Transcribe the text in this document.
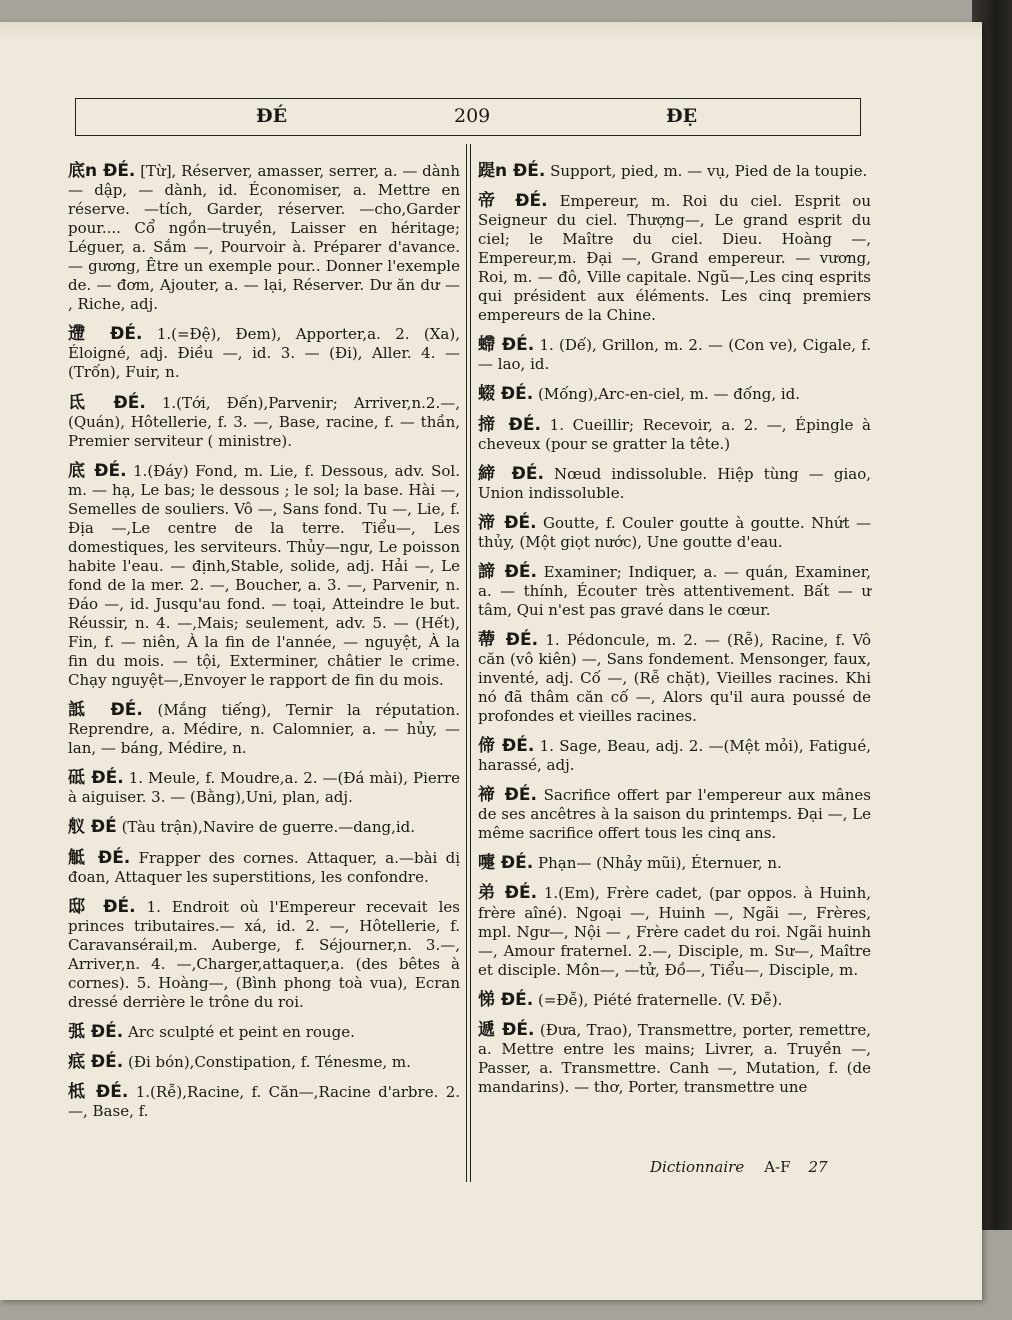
ĐÉ	209	ĐẸ

底n ĐÉ. [Từ], Réserver, amasser, serrer, a. — dành — dập, — dành, id. Économiser, a. Mettre en réserve. —tích, Garder, réserver. —cho,Garder pour.... Cổ ngồn—truyền, Laisser en héritage; Léguer, a. Sắm —, Pourvoir à. Préparer d'avance. — gương, Être un exemple pour.. Donner l'exemple de. — đơm, Ajouter, a. — lại, Réserver. Dư ăn dư — , Riche, adj.

遰 ĐÉ. 1.(=Đệ), Đem), Apporter,a. 2. (Xa), Éloigné, adj. Điều —, id. 3. — (Đi), Aller. 4. — (Trốn), Fuir, n.

氐 ĐÉ. 1.(Tới, Đến),Parvenir; Arriver,n.2.—, (Quán), Hôtellerie, f. 3. —, Base, racine, f. — thần, Premier serviteur ( ministre).

底 ĐÉ. 1.(Đáy) Fond, m. Lie, f. Dessous, adv. Sol. m. — hạ, Le bas; le dessous ; le sol; la base. Hài —, Semelles de souliers. Vô —, Sans fond. Tu —, Lie, f. Địa —,Le centre de la terre. Tiểu—, Les domestiques, les serviteurs. Thủy—ngư, Le poisson habite l'eau. — định,Stable, solide, adj. Hải —, Le fond de la mer. 2. —, Boucher, a. 3. —, Parvenir, n. Đáo —, id. Jusqu'au fond. — toại, Atteindre le but. Réussir, n. 4. —,Mais; seulement, adv. 5. — (Hết), Fin, f. — niên, À la fin de l'année, — nguyệt, À la fin du mois. — tội, Exterminer, châtier le crime. Chạy nguyệt—,Envoyer le rapport de fin du mois.

詆 ĐÉ. (Mắng tiếng), Ternir la réputation. Reprendre, a. Médire, n. Calomnier, a. — hủy, — lan, — báng, Médire, n.

砥 ĐÉ. 1. Meule, f. Moudre,a. 2. —(Đá mài), Pierre à aiguiser. 3. — (Bằng),Uni, plan, adj.

舣 ĐÉ (Tàu trận),Navire de guerre.—dang,id.

觝 ĐÉ. Frapper des cornes. Attaquer, a.—bài dị đoan, Attaquer les superstitions, les confondre.

邸 ĐÉ. 1. Endroit où l'Empereur recevait les princes tributaires.— xá, id. 2. —, Hôtellerie, f. Caravansérail,m. Auberge, f. Séjourner,n. 3.—, Arriver,n. 4. —,Charger,attaquer,a. (des bêtes à cornes). 5. Hoàng—, (Bình phong toà vua), Ecran dressé derrière le trône du roi.

弤 ĐÉ. Arc sculpté et peint en rouge.

疷 ĐÉ. (Đi bón),Constipation, f. Ténesme, m.

柢 ĐÉ. 1.(Rễ),Racine, f. Căn—,Racine d'arbre. 2. —, Base, f.

踶n ĐÉ. Support, pied, m. — vụ, Pied de la toupie.

帝 ĐÉ. Empereur, m. Roi du ciel. Esprit ou Seigneur du ciel. Thượng—, Le grand esprit du ciel; le Maître du ciel. Dieu. Hoàng —, Empereur,m. Đại —, Grand empereur. — vương, Roi, m. — đô, Ville capitale. Ngũ—,Les cinq esprits qui président aux éléments. Les cinq premiers empereurs de la Chine.

螮 ĐÉ. 1. (Dế), Grillon, m. 2. — (Con ve), Cigale, f. — lao, id.

蝃 ĐÉ. (Mống),Arc-en-ciel, m. — đống, id.

揥 ĐÉ. 1. Cueillir; Recevoir, a. 2. —, Épingle à cheveux (pour se gratter la tête.)

締 ĐÉ. Nœud indissoluble. Hiệp tùng — giao, Union indissoluble.

渧 ĐÉ. Goutte, f. Couler goutte à goutte. Nhứt —thủy, (Một giọt nước), Une goutte d'eau.

諦 ĐÉ. Examiner; Indiquer, a. — quán, Examiner, a. — thính, Écouter très attentivement. Bất — ư tâm, Qui n'est pas gravé dans le cœur.

蔕 ĐÉ. 1. Pédoncule, m. 2. — (Rễ), Racine, f. Vô căn (vô kiên) —, Sans fondement. Mensonger, faux, inventé, adj. Cố —, (Rễ chặt), Vieilles racines. Khi nó đã thâm căn cố —, Alors qu'il aura poussé de profondes et vieilles racines.

偙 ĐÉ. 1. Sage, Beau, adj. 2. —(Mệt mỏi), Fatigué, harassé, adj.

禘 ĐÉ. Sacrifice offert par l'empereur aux mânes de ses ancêtres à la saison du printemps. Đại —, Le même sacrifice offert tous les cinq ans.

嚏 ĐÉ. Phạn— (Nhảy mũi), Éternuer, n.

弟 ĐÉ. 1.(Em), Frère cadet, (par oppos. à Huinh, frère aîné). Ngoại —, Huinh —, Ngãi —, Frères, mpl. Ngư—, Nội — , Frère cadet du roi. Ngãi huinh —, Amour fraternel. 2.—, Disciple, m. Sư—, Maître et disciple. Môn—, —tử, Đồ—, Tiểu—, Disciple, m.

悌 ĐÉ. (=Đễ), Piété fraternelle. (V. Đễ).

遞 ĐÉ. (Đưa, Trao), Transmettre, porter, remettre, a. Mettre entre les mains; Livrer, a. Truyền —, Passer, a. Transmettre. Canh —, Mutation, f. (de mandarins). — thơ, Porter, transmettre une

Dictionnaire A-F 27
